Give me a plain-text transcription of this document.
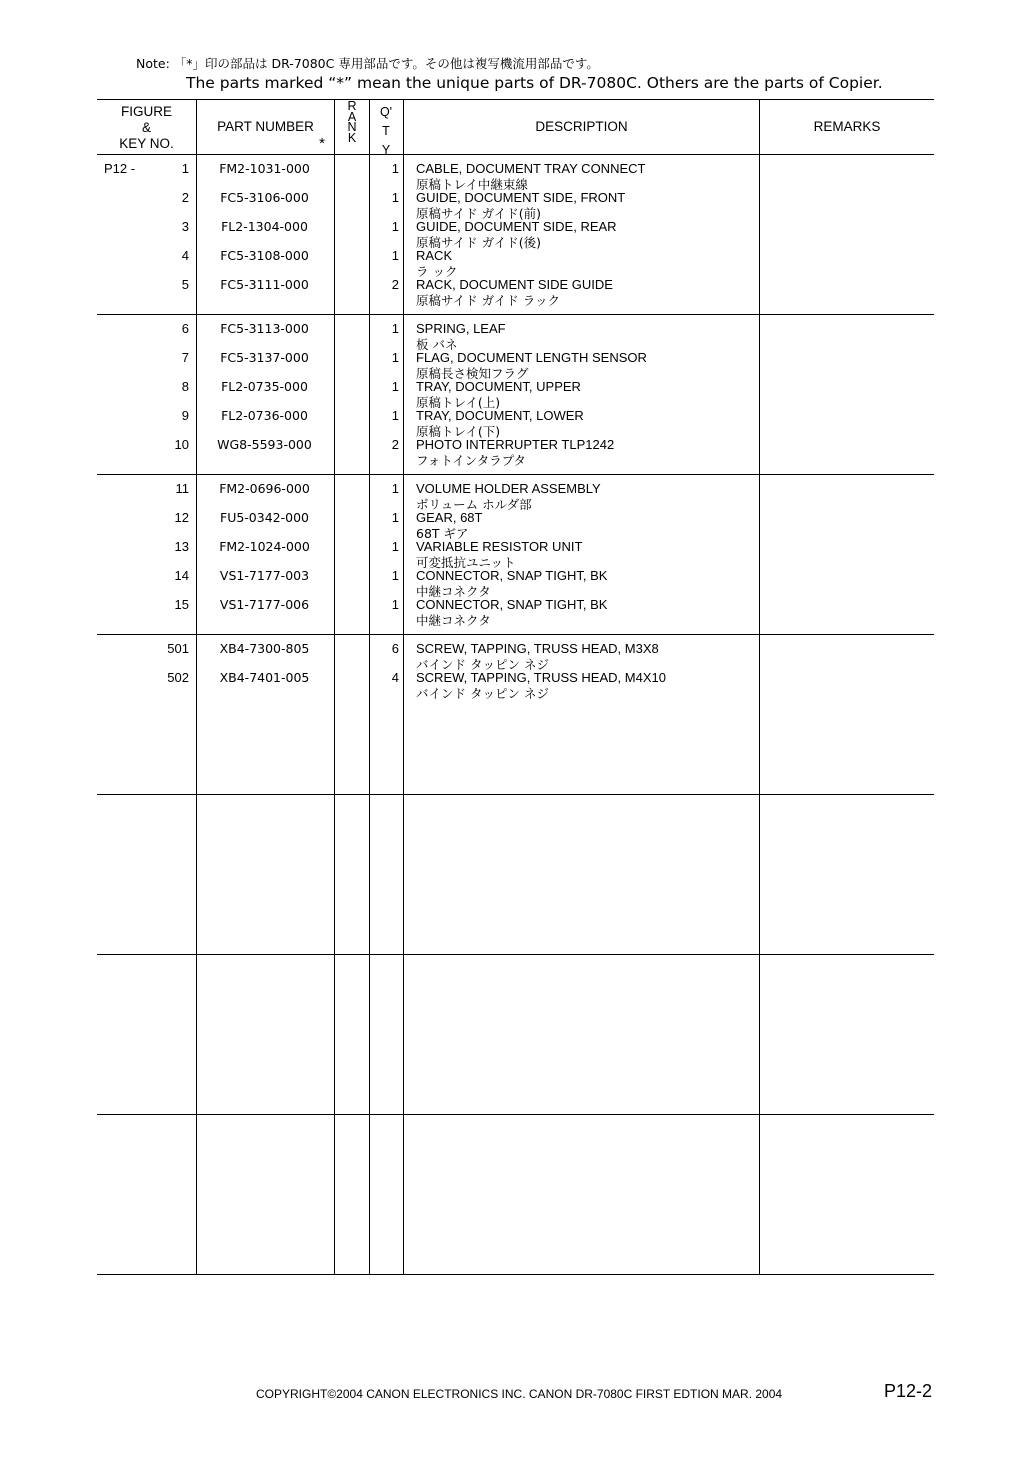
Note: 「*」印の部品は DR-7080C 専用部品です。その他は複写機流用部品です。
The parts marked “*” mean the unique parts of DR-7080C. Others are the parts of Copier.
FIGURE
&
KEY NO.
PART NUMBER
*
R
A
N
K
Q'
T
Y
DESCRIPTION	REMARKS
P12 -	1	FM2-1031-000	1 CABLE, DOCUMENT TRAY CONNECT
原稿トレイ中継束線
2	FC5-3106-000	1 GUIDE, DOCUMENT SIDE, FRONT
原稿サイド ガイド(前)
3	FL2-1304-000	1 GUIDE, DOCUMENT SIDE, REAR
原稿サイド ガイド(後)
4	FC5-3108-000	1 RACK
ラ ック
5	FC5-3111-000	2 RACK, DOCUMENT SIDE GUIDE
原稿サイド ガイド ラック
6	FC5-3113-000	1 SPRING, LEAF
板 バネ
7	FC5-3137-000	1 FLAG, DOCUMENT LENGTH SENSOR
原稿長さ検知フラグ
8	FL2-0735-000	1 TRAY, DOCUMENT, UPPER
原稿トレイ(上)
9	FL2-0736-000	1 TRAY, DOCUMENT, LOWER
原稿トレイ(下)
10	WG8-5593-000	2 PHOTO INTERRUPTER TLP1242
フォトインタラプタ
11	FM2-0696-000	1 VOLUME HOLDER ASSEMBLY
ボリューム ホルダ部
12	FU5-0342-000	1 GEAR, 68T
68T ギア
13	FM2-1024-000	1 VARIABLE RESISTOR UNIT
可変抵抗ユニット
14	VS1-7177-003	1 CONNECTOR, SNAP TIGHT, BK
中継コネクタ
15	VS1-7177-006	1 CONNECTOR, SNAP TIGHT, BK
中継コネクタ
501	XB4-7300-805	6 SCREW, TAPPING, TRUSS HEAD, M3X8
バインド タッピン ネジ
502	XB4-7401-005	4 SCREW, TAPPING, TRUSS HEAD, M4X10
バインド タッピン ネジ
COPYRIGHT©2004 CANON ELECTRONICS INC. CANON DR-7080C FIRST EDTION MAR. 2004	P12-2
